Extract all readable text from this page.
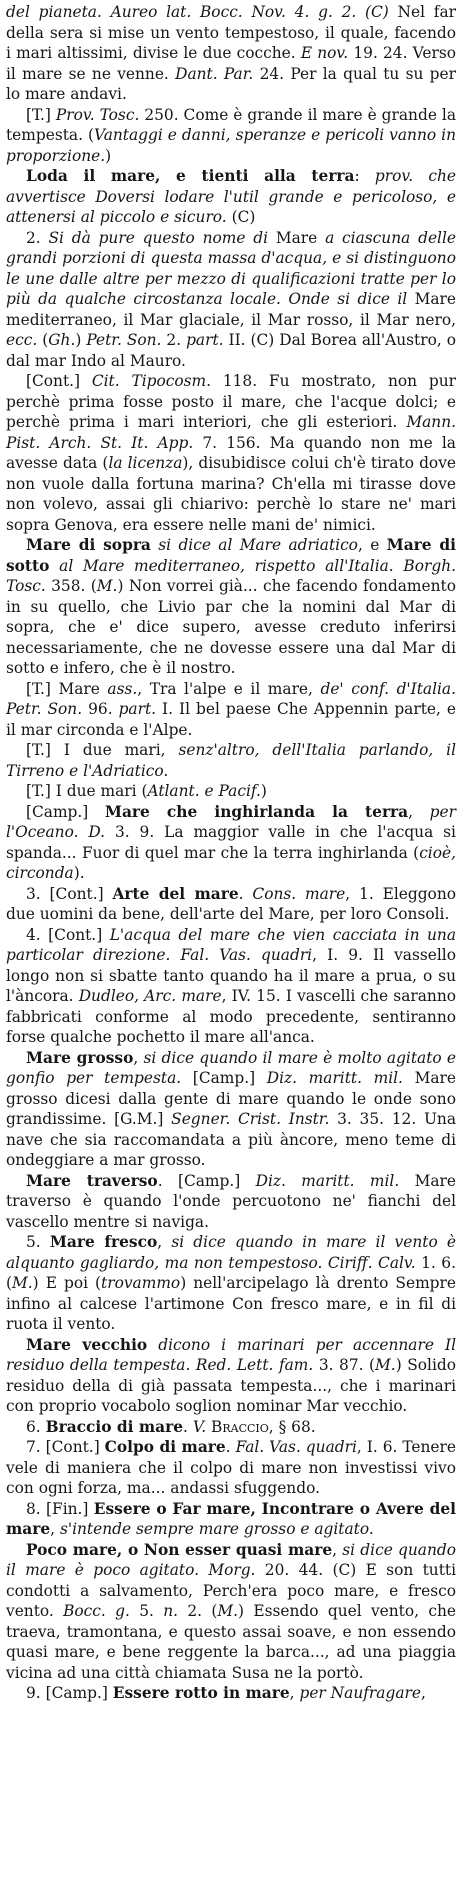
del pianeta. Aureo lat. Bocc. Nov. 4. g. 2. (C) Nel far della sera si mise un vento tempestoso, il quale, facendo i mari altissimi, divise le due cocche. E nov. 19. 24. Verso il mare se ne venne. Dant. Par. 24. Per la qual tu su per lo mare andavi.

[T.] Prov. Tosc. 250. Come è grande il mare è grande la tempesta. (Vantaggi e danni, speranze e pericoli vanno in proporzione.)

Loda il mare, e tienti alla terra: prov. che avvertisce Doversi lodare l'util grande e pericoloso, e attenersi al piccolo e sicuro. (C)

2. Si dà pure questo nome di Mare a ciascuna delle grandi porzioni di questa massa d'acqua, e si distinguono le une dalle altre per mezzo di qualificazioni tratte per lo più da qualche circostanza locale. Onde si dice il Mare mediterraneo, il Mar glaciale, il Mar rosso, il Mar nero, ecc. (Gh.) Petr. Son. 2. part. II. (C) Dal Borea all'Austro, o dal mar Indo al Mauro.

[Cont.] Cit. Tipocosm. 118. Fu mostrato, non pur perchè prima fosse posto il mare, che l'acque dolci; e perchè prima i mari interiori, che gli esteriori. Mann. Pist. Arch. St. It. App. 7. 156. Ma quando non me la avesse data (la licenza), disubidisce colui ch'è tirato dove non vuole dalla fortuna marina? Ch'ella mi tirasse dove non volevo, assai gli chiarivo: perchè lo stare ne' mari sopra Genova, era essere nelle mani de' nimici.

Mare di sopra si dice al Mare adriatico, e Mare di sotto al Mare mediterraneo, rispetto all'Italia. Borgh. Tosc. 358. (M.) Non vorrei già... che facendo fondamento in su quello, che Livio par che la nomini dal Mar di sopra, che e' dice supero, avesse creduto inferirsi necessariamente, che ne dovesse essere una dal Mar di sotto e infero, che è il nostro.

[T.] Mare ass., Tra l'alpe e il mare, de' conf. d'Italia. Petr. Son. 96. part. I. Il bel paese Che Appennin parte, e il mar circonda e l'Alpe.

[T.] I due mari, senz'altro, dell'Italia parlando, il Tirreno e l'Adriatico.

[T.] I due mari (Atlant. e Pacif.)

[Camp.] Mare che inghirlanda la terra, per l'Oceano. D. 3. 9. La maggior valle in che l'acqua si spanda... Fuor di quel mar che la terra inghirlanda (cioè, circonda).

3. [Cont.] Arte del mare. Cons. mare, 1. Eleggono due uomini da bene, dell'arte del Mare, per loro Consoli.

4. [Cont.] L'acqua del mare che vien cacciata in una particolar direzione. Fal. Vas. quadri, I. 9. Il vassello longo non si sbatte tanto quando ha il mare a prua, o su l'àncora. Dudleo, Arc. mare, IV. 15. I vascelli che saranno fabbricati conforme al modo precedente, sentiranno forse qualche pochetto il mare all'anca.

Mare grosso, si dice quando il mare è molto agitato e gonfio per tempesta. [Camp.] Diz. maritt. mil. Mare grosso dicesi dalla gente di mare quando le onde sono grandissime. [G.M.] Segner. Crist. Instr. 3. 35. 12. Una nave che sia raccomandata a più àncore, meno teme di ondeggiare a mar grosso.

Mare traverso. [Camp.] Diz. maritt. mil. Mare traverso è quando l'onde percuotono ne' fianchi del vascello mentre si naviga.

5. Mare fresco, si dice quando in mare il vento è alquanto gagliardo, ma non tempestoso. Ciriff. Calv. 1. 6. (M.) E poi (trovammo) nell'arcipelago là drento Sempre infino al calcese l'artimone Con fresco mare, e in fil di ruota il vento.

Mare vecchio dicono i marinari per accennare Il residuo della tempesta. Red. Lett. fam. 3. 87. (M.) Solido residuo della di già passata tempesta..., che i marinari con proprio vocabolo soglion nominar Mar vecchio.

6. Braccio di mare. V. Braccio, § 68.

7. [Cont.] Colpo di mare. Fal. Vas. quadri, I. 6. Tenere vele di maniera che il colpo di mare non investissi vivo con ogni forza, ma... andassi sfuggendo.

8. [Fin.] Essere o Far mare, Incontrare o Avere del mare, s'intende sempre mare grosso e agitato.

Poco mare, o Non esser quasi mare, si dice quando il mare è poco agitato. Morg. 20. 44. (C) E son tutti condotti a salvamento, Perch'era poco mare, e fresco vento. Bocc. g. 5. n. 2. (M.) Essendo quel vento, che traeva, tramontana, e questo assai soave, e non essendo quasi mare, e bene reggente la barca..., ad una piaggia vicina ad una città chiamata Susa ne la portò.

9. [Camp.] Essere rotto in mare, per Naufragare,
